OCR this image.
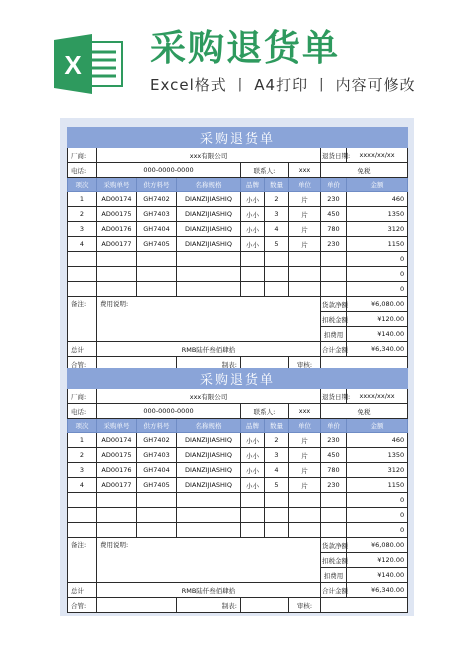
X 采购退货单
Excel格式 丨 A4打印 丨 内容可修改
采购退货单								
厂商:	xxx有限公司						退货日期:	xxxx/xx/xx
电话:	000-0000-0000			联系人:		xxx	免税	
项次	采购单号	供方料号	名称规格	品牌	数量	单位	单价	金额
1	AD00174	GH7402	DIANZIJIASHIQ	小小	2	片	230	460
2	AD00175	GH7403	DIANZIJIASHIQ	小小	3	片	450	1350
3	AD00176	GH7404	DIANZIJIASHIQ	小小	4	片	780	3120
4	AD00177	GH7405	DIANZIJIASHIQ	小小	5	片	230	1150
								0
								0
								0
备注:	费用说明:						货款净额	¥6,080.00
							扣税金额	¥120.00
							扣费用	¥140.00
总计	RMB陆仟叁佰肆拾						合计金额	¥6,340.00
合管:			制表:			审核:		
采购退货单								
厂商:	xxx有限公司						退货日期:	xxxx/xx/xx
电话:	000-0000-0000			联系人:		xxx	免税	
项次	采购单号	供方料号	名称规格	品牌	数量	单位	单价	金额
1	AD00174	GH7402	DIANZIJIASHIQ	小小	2	片	230	460
2	AD00175	GH7403	DIANZIJIASHIQ	小小	3	片	450	1350
3	AD00176	GH7404	DIANZIJIASHIQ	小小	4	片	780	3120
4	AD00177	GH7405	DIANZIJIASHIQ	小小	5	片	230	1150
								0
								0
								0
备注:	费用说明:						货款净额	¥6,080.00
							扣税金额	¥120.00
							扣费用	¥140.00
总计	RMB陆仟叁佰肆拾						合计金额	¥6,340.00
合管:			制表:			审核:		
